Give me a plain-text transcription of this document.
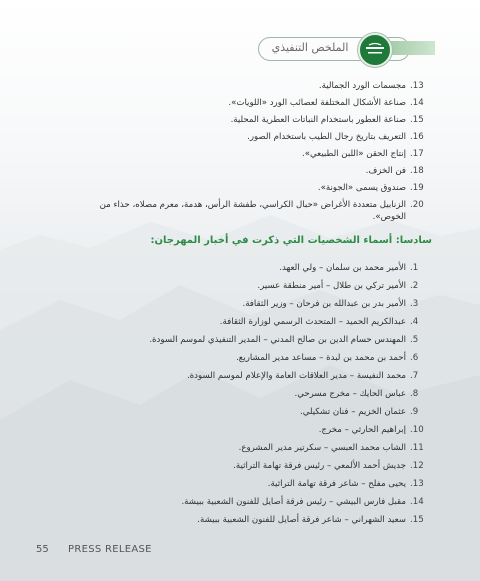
الملخص التنفيذي
.13
مجسمات الورد الجمالية.
.14
صناعة الأشكال المختلفة لعصائب الورد «اللويات».
.15
صناعة العطور باستخدام النباتات العطرية المحلية.
.16
التعريف بتاريخ رجال الطيب باستخدام الصور.
.17
إنتاج الحقن «اللبن الطبيعي».
.18
فن الخزف.
.19
صندوق يسمى «الجونة».
.20
الزنابيل متعددة الأغراض «حبال الكراسي، طفشة الرأس، هدمة، معرم مصلاه، حذاء من الخوص».
سادسا: أسماء الشخصيات التي ذكرت في أخبار المهرجان:
.1
الأمير محمد بن سلمان – ولي العهد.
.2
الأمير تركي بن طلال – أمير منطقة عسير.
.3
الأمير بدر بن عبدالله بن فرحان – وزير الثقافة.
.4
عبدالكريم الحميد – المتحدث الرسمي لوزارة الثقافة.
.5
المهندس حسام الدين بن صالح المدني – المدير التنفيذي لموسم السودة.
.6
أحمد بن محمد بن لبدة – مساعد مدير المشاريع.
.7
محمد النفيسة – مدير العلاقات العامة والإعلام لموسم السودة.
.8
عباس الحايك – مخرج مسرحي.
.9
عثمان الخزيم – فنان تشكيلي.
.10
إبراهيم الحارثي – مخرج.
.11
الشاب محمد العبسي – سكرتير مدير المشروع.
.12
جديش أحمد الألمعي – رئيس فرقة تهامة التراثية.
.13
يحيى مفلح – شاعر فرقة تهامة التراثية.
.14
مقبل فارس البيشي – رئيس فرقة أصايل للفنون الشعبية ببيشة.
.15
سعيد الشهراني – شاعر فرقة أصايل للفنون الشعبية ببيشة.
55 PRESS RELEASE
